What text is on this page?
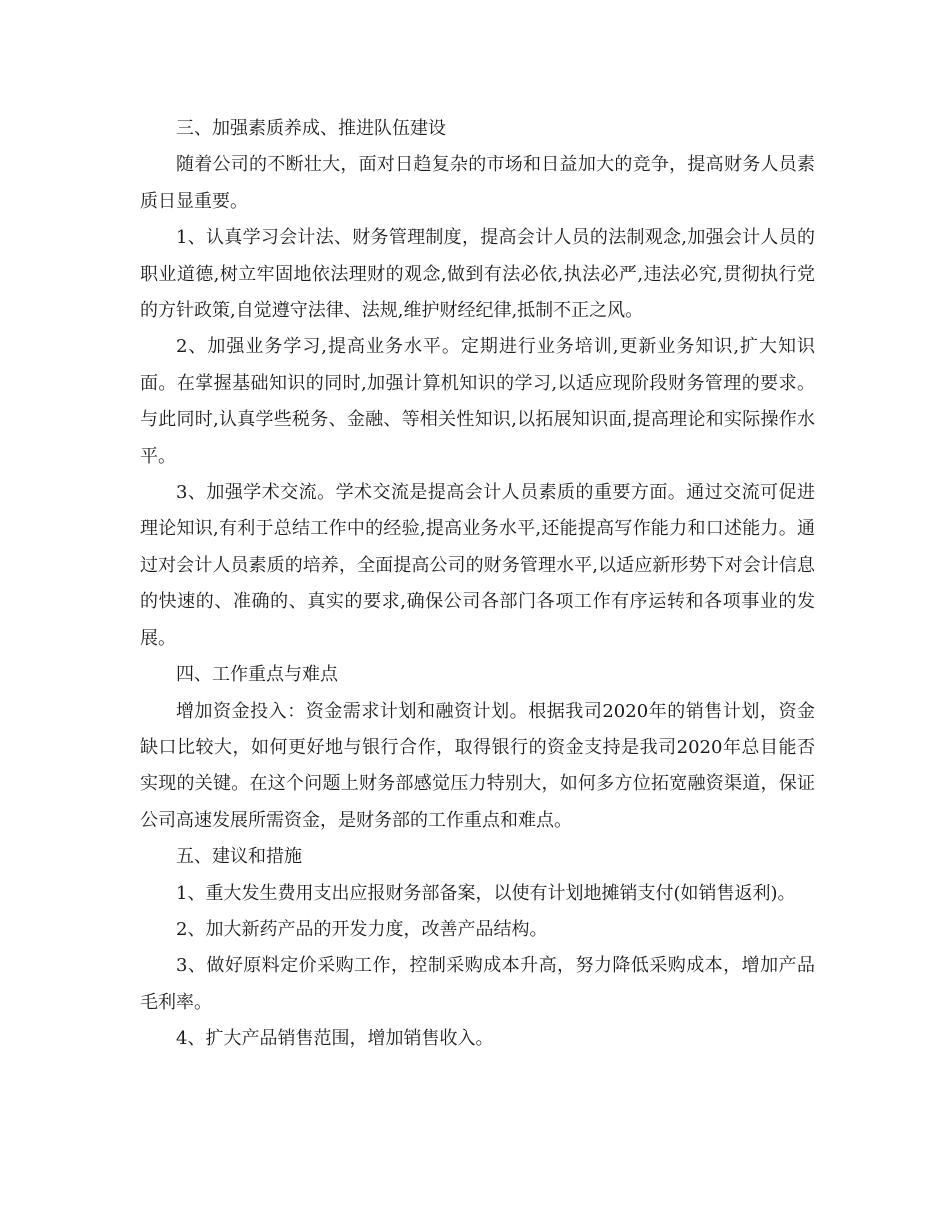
三、加强素质养成、推进队伍建设

随着公司的不断壮大，面对日趋复杂的市场和日益加大的竞争，提高财务人员素质日显重要。

1、认真学习会计法、财务管理制度，提高会计人员的法制观念,加强会计人员的职业道德,树立牢固地依法理财的观念,做到有法必依,执法必严,违法必究,贯彻执行党的方针政策,自觉遵守法律、法规,维护财经纪律,抵制不正之风。

2、加强业务学习,提高业务水平。定期进行业务培训,更新业务知识,扩大知识面。在掌握基础知识的同时,加强计算机知识的学习,以适应现阶段财务管理的要求。与此同时,认真学些税务、金融、等相关性知识,以拓展知识面,提高理论和实际操作水平。

3、加强学术交流。学术交流是提高会计人员素质的重要方面。通过交流可促进理论知识,有利于总结工作中的经验,提高业务水平,还能提高写作能力和口述能力。通过对会计人员素质的培养，全面提高公司的财务管理水平,以适应新形势下对会计信息的快速的、准确的、真实的要求,确保公司各部门各项工作有序运转和各项事业的发展。

四、工作重点与难点

增加资金投入：资金需求计划和融资计划。根据我司2020年的销售计划，资金缺口比较大，如何更好地与银行合作，取得银行的资金支持是我司2020年总目能否实现的关键。在这个问题上财务部感觉压力特别大，如何多方位拓宽融资渠道，保证公司高速发展所需资金，是财务部的工作重点和难点。

五、建议和措施

1、重大发生费用支出应报财务部备案，以使有计划地摊销支付(如销售返利)。

2、加大新药产品的开发力度，改善产品结构。

3、做好原料定价采购工作，控制采购成本升高，努力降低采购成本，增加产品毛利率。

4、扩大产品销售范围，增加销售收入。
